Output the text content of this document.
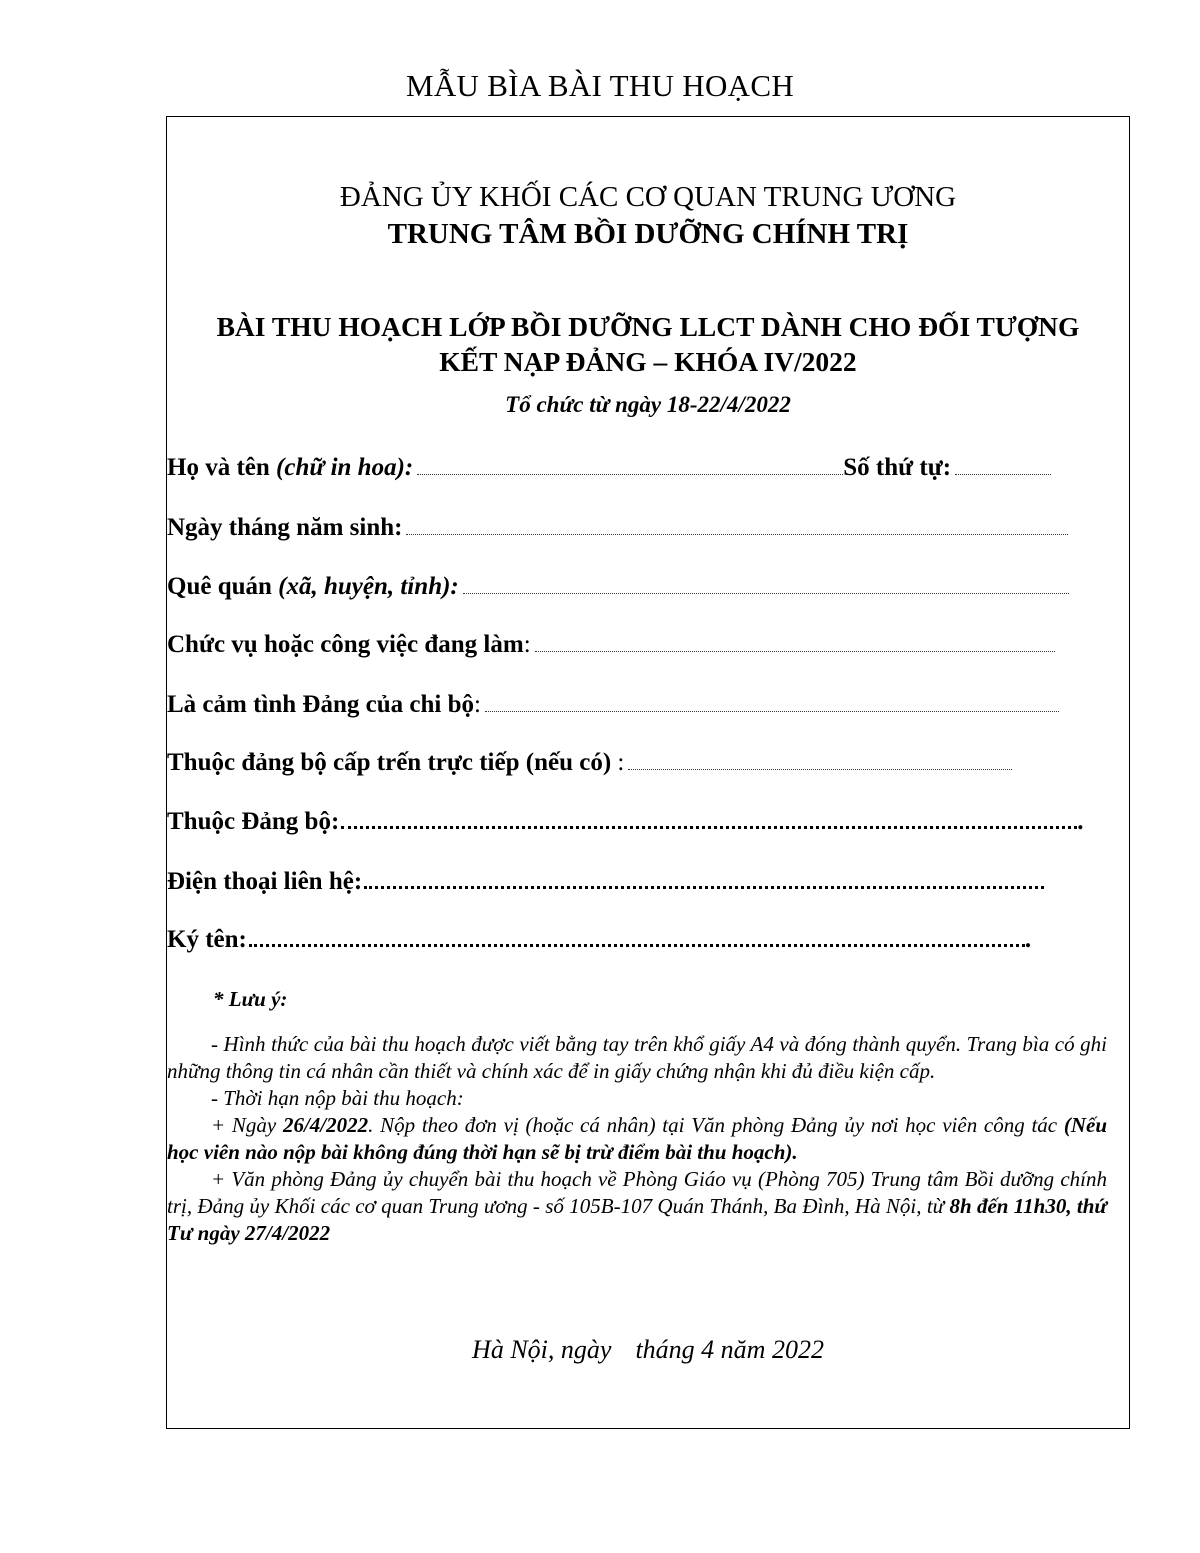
MẪU BÌA BÀI THU HOẠCH
ĐẢNG ỦY KHỐI CÁC CƠ QUAN TRUNG ƯƠNG
TRUNG TÂM BỒI DƯỠNG CHÍNH TRỊ
BÀI THU HOẠCH LỚP BỒI DƯỠNG LLCT DÀNH CHO ĐỐI TƯỢNG
KẾT NẠP ĐẢNG – KHÓA IV/2022
Tổ chức từ ngày 18-22/4/2022
Họ và tên (chữ in hoa):	Số thứ tự:
Ngày tháng năm sinh:
Quê quán (xã, huyện, tỉnh):
Chức vụ hoặc công việc đang làm:
Là cảm tình Đảng của chi bộ:
Thuộc đảng bộ cấp trến trực tiếp (nếu có) :
Thuộc Đảng bộ:	.
Điện thoại liên hệ:
Ký tên:	.
* Lưu ý:

- Hình thức của bài thu hoạch được viết bằng tay trên khổ giấy A4 và đóng thành quyển. Trang bìa có ghi những thông tin cá nhân cần thiết và chính xác để in giấy chứng nhận khi đủ điều kiện cấp.

- Thời hạn nộp bài thu hoạch:

+ Ngày 26/4/2022. Nộp theo đơn vị (hoặc cá nhân) tại Văn phòng Đảng ủy nơi học viên công tác (Nếu học viên nào nộp bài không đúng thời hạn sẽ bị trừ điểm bài thu hoạch).

+ Văn phòng Đảng ủy chuyển bài thu hoạch về Phòng Giáo vụ (Phòng 705) Trung tâm Bồi dưỡng chính trị, Đảng ủy Khối các cơ quan Trung ương - số 105B-107 Quán Thánh, Ba Đình, Hà Nội, từ 8h đến 11h30, thứ Tư ngày 27/4/2022

Hà Nội, ngày tháng 4 năm 2022
